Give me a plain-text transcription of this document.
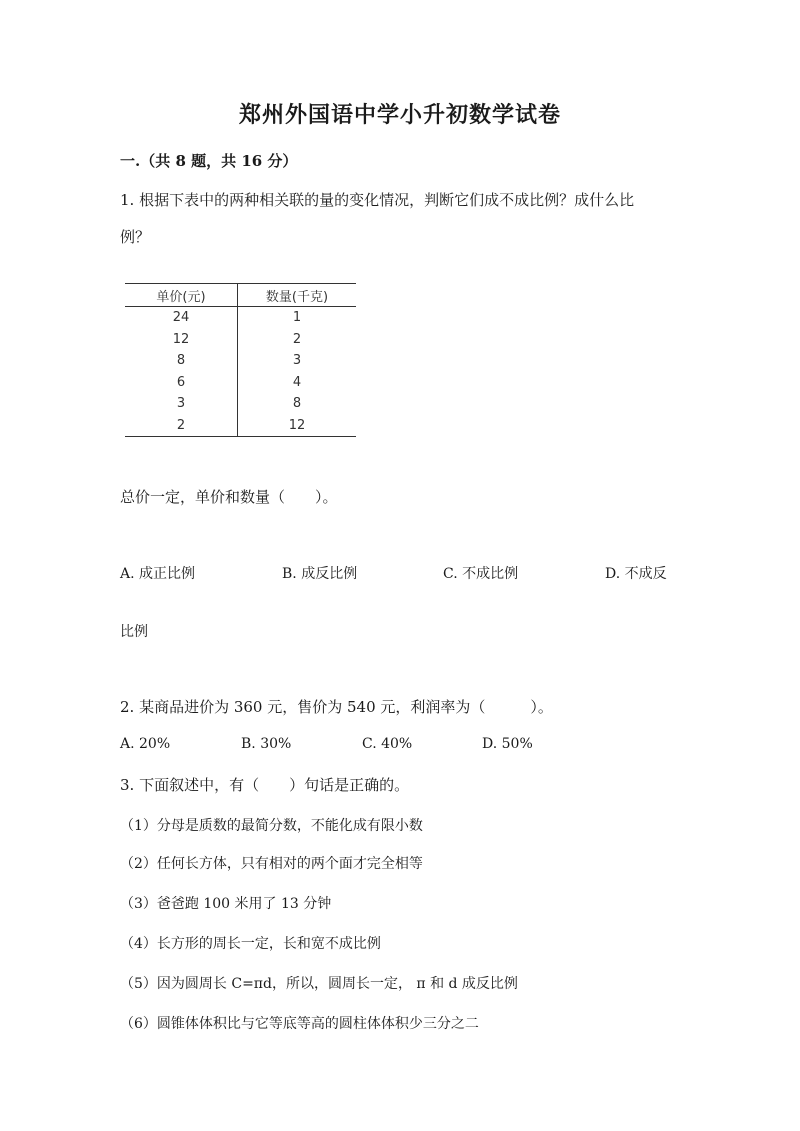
郑州外国语中学小升初数学试卷
一.（共 8 题，共 16 分）
1. 根据下表中的两种相关联的量的变化情况，判断它们成不成比例？成什么比
例？
单价(元)	数量(千克)
24	1
12	2
8	3
6	4
3	8
2	12
总价一定，单价和数量（　　）。
A. 成正比例	B. 成反比例	C. 不成比例	D. 不成反
比例
2. 某商品进价为 360 元，售价为 540 元，利润率为（　　　）。
A. 20%	B. 30%	C. 40%	D. 50%
3. 下面叙述中，有（　　）句话是正确的。
（1）分母是质数的最简分数，不能化成有限小数
（2）任何长方体，只有相对的两个面才完全相等
（3）爸爸跑 100 米用了 13 分钟
（4）长方形的周长一定，长和宽不成比例
（5）因为圆周长 C=πd，所以，圆周长一定， π 和 d 成反比例
（6）圆锥体体积比与它等底等高的圆柱体体积少三分之二
